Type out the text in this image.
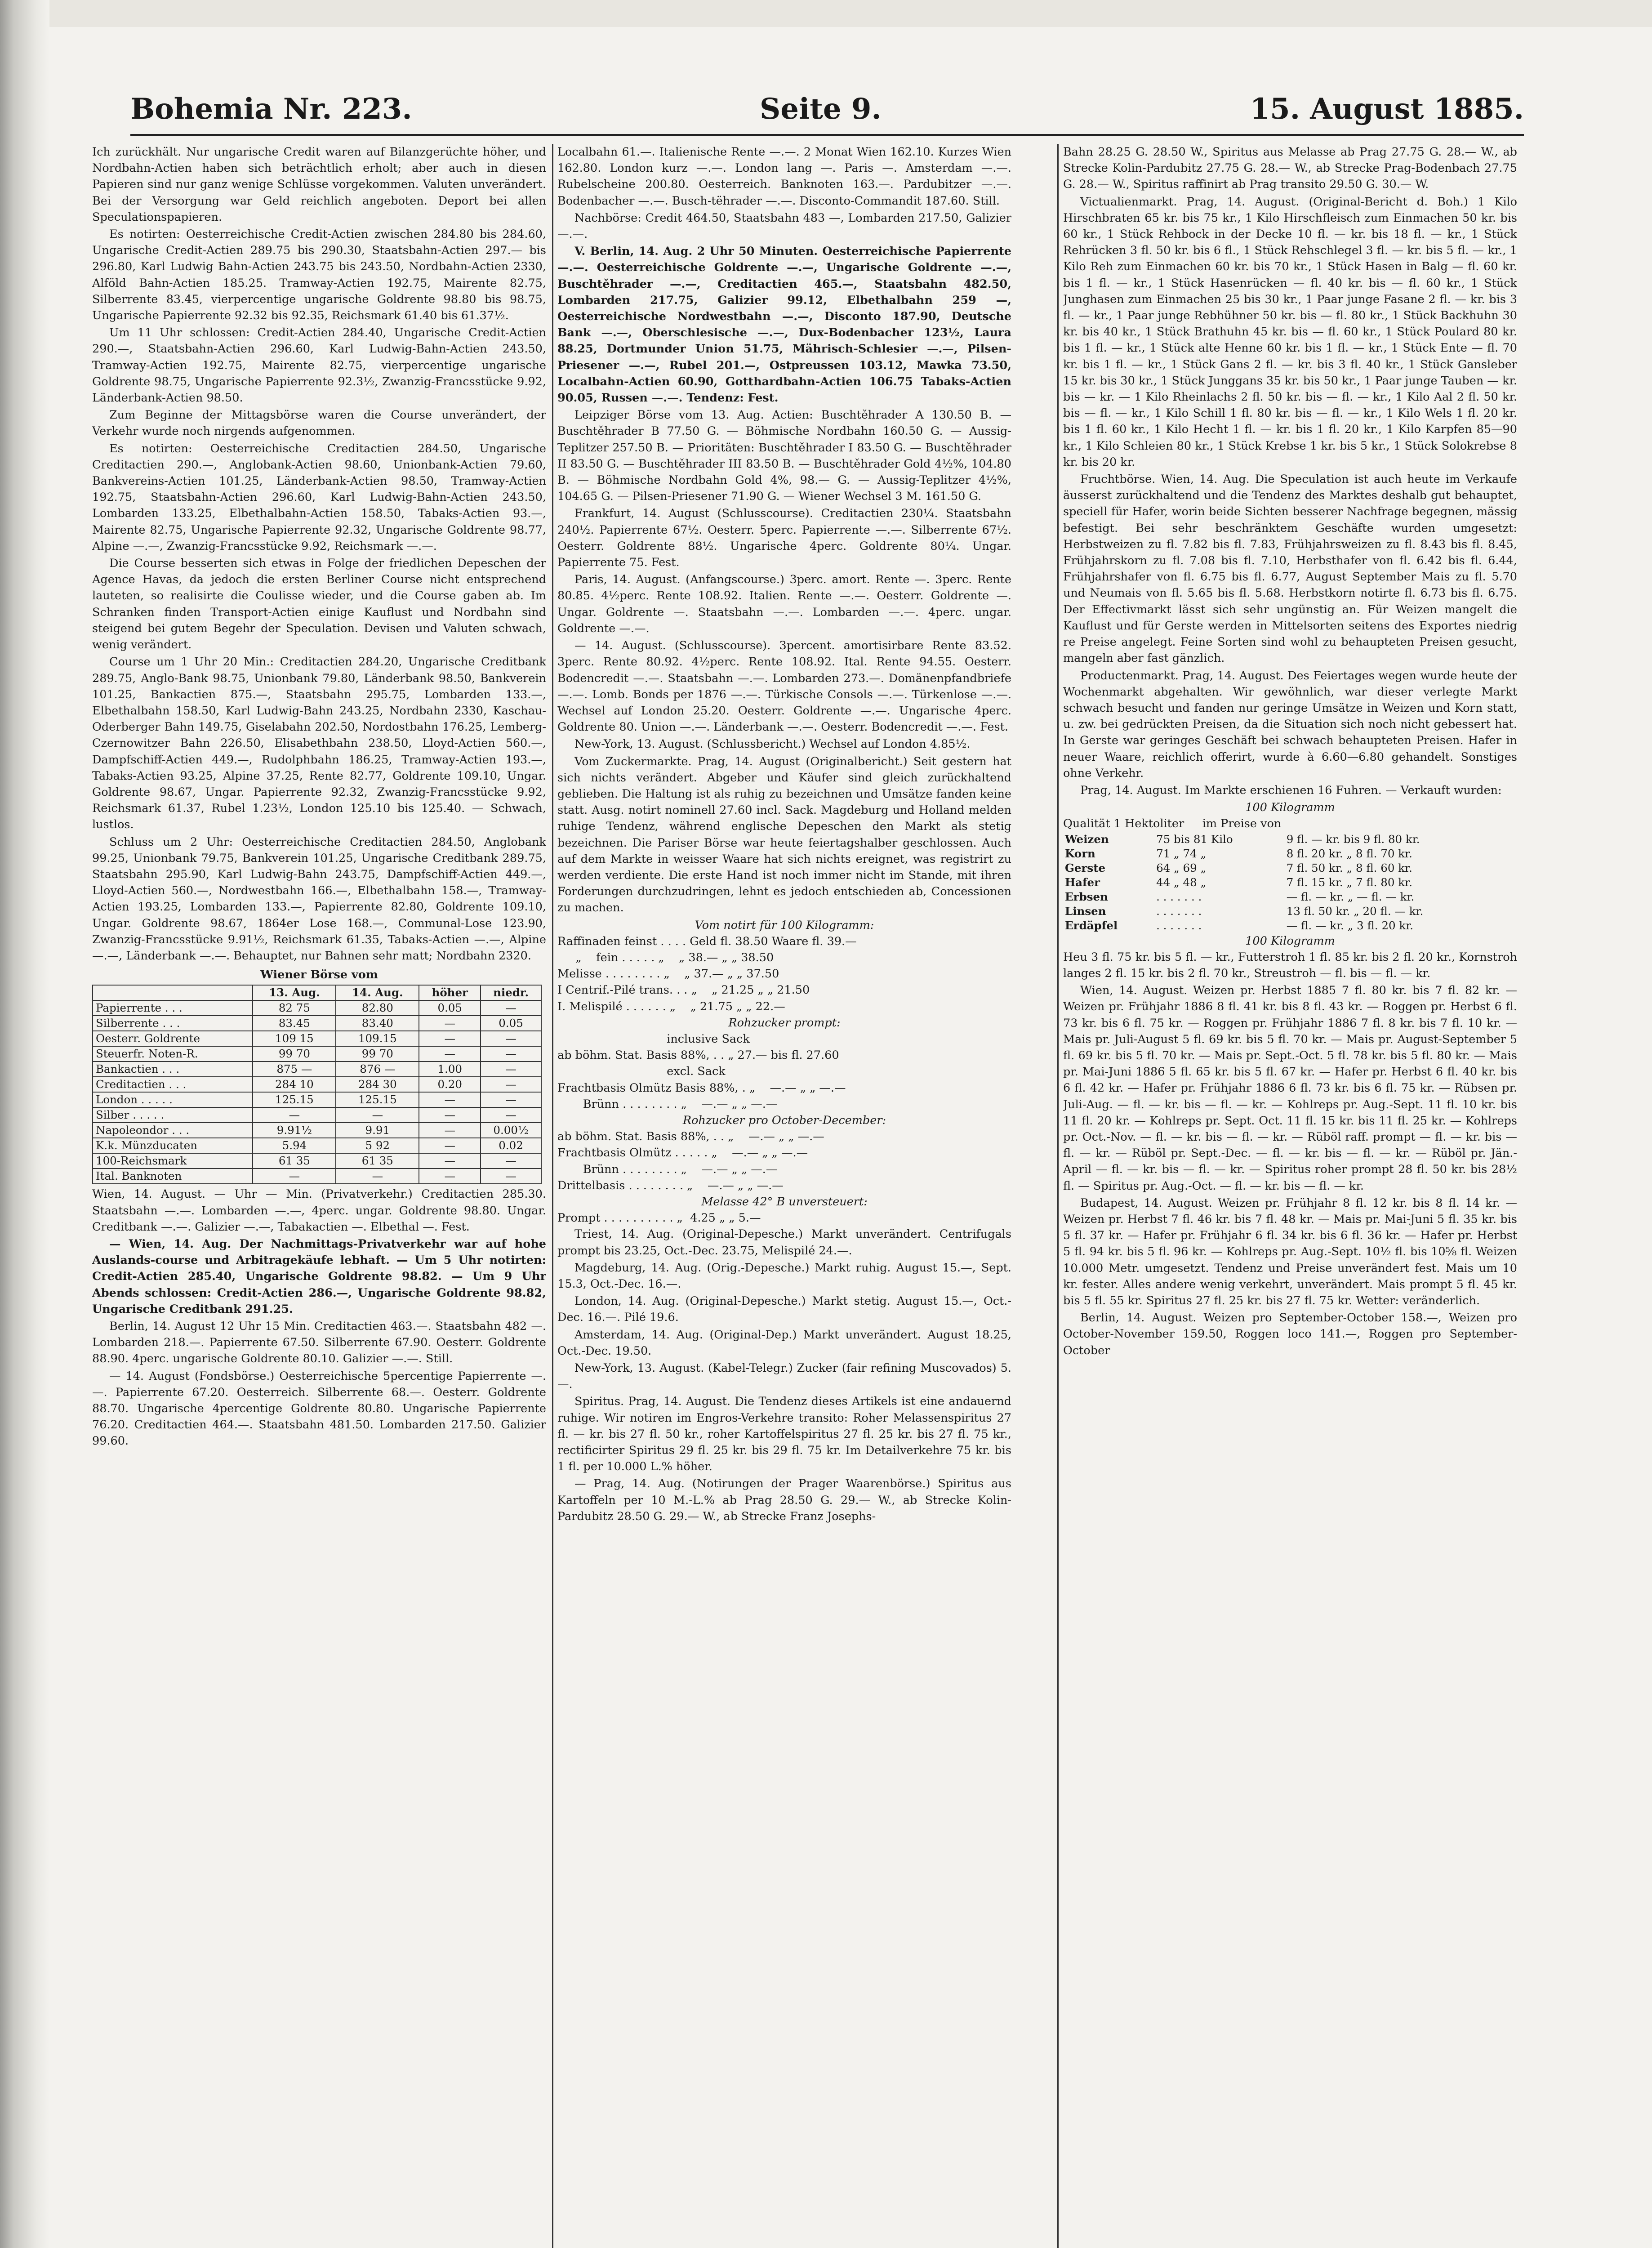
Bohemia Nr. 223.	Seite 9.	15. August 1885.

Ich zurückhält. Nur ungarische Credit waren auf Bilanzgerüchte höher, und Nordbahn-Actien haben sich beträchtlich erholt; aber auch in diesen Papieren sind nur ganz wenige Schlüsse vorgekommen. Valuten unverändert. Bei der Versorgung war Geld reichlich angeboten. Deport bei allen Speculationspapieren.

Es notirten: Oesterreichische Credit-Actien zwischen 284.80 bis 284.60, Ungarische Credit-Actien 289.75 bis 290.30, Staatsbahn-Actien 297.— bis 296.80, Karl Ludwig Bahn-Actien 243.75 bis 243.50, Nordbahn-Actien 2330, Alföld Bahn-Actien 185.25. Tramway-Actien 192.75, Mairente 82.75, Silberrente 83.45, vierpercentige ungarische Goldrente 98.80 bis 98.75, Ungarische Papierrente 92.32 bis 92.35, Reichsmark 61.40 bis 61.37½.

Um 11 Uhr schlossen: Credit-Actien 284.40, Ungarische Credit-Actien 290.—, Staatsbahn-Actien 296.60, Karl Ludwig-Bahn-Actien 243.50, Tramway-Actien 192.75, Mairente 82.75, vierpercentige ungarische Goldrente 98.75, Ungarische Papierrente 92.3½, Zwanzig-Francsstücke 9.92, Länderbank-Actien 98.50.

Zum Beginne der Mittagsbörse waren die Course unverändert, der Verkehr wurde noch nirgends aufgenommen.

Es notirten: Oesterreichische Creditactien 284.50, Ungarische Creditactien 290.—, Anglobank-Actien 98.60, Unionbank-Actien 79.60, Bankvereins-Actien 101.25, Länderbank-Actien 98.50, Tramway-Actien 192.75, Staatsbahn-Actien 296.60, Karl Ludwig-Bahn-Actien 243.50, Lombarden 133.25, Elbethalbahn-Actien 158.50, Tabaks-Actien 93.—, Mairente 82.75, Ungarische Papierrente 92.32, Ungarische Goldrente 98.77, Alpine —.—, Zwanzig-Francsstücke 9.92, Reichsmark —.—.

Die Course besserten sich etwas in Folge der friedlichen Depeschen der Agence Havas, da jedoch die ersten Berliner Course nicht entsprechend lauteten, so realisirte die Coulisse wieder, und die Course gaben ab. Im Schranken finden Transport-Actien einige Kauflust und Nordbahn sind steigend bei gutem Begehr der Speculation. Devisen und Valuten schwach, wenig verändert.

Course um 1 Uhr 20 Min.: Creditactien 284.20, Ungarische Creditbank 289.75, Anglo-Bank 98.75, Unionbank 79.80, Länderbank 98.50, Bankverein 101.25, Bankactien 875.—, Staatsbahn 295.75, Lombarden 133.—, Elbethalbahn 158.50, Karl Ludwig-Bahn 243.25, Nordbahn 2330, Kaschau-Oderberger Bahn 149.75, Giselabahn 202.50, Nordostbahn 176.25, Lemberg-Czernowitzer Bahn 226.50, Elisabethbahn 238.50, Lloyd-Actien 560.—, Dampfschiff-Actien 449.—, Rudolphbahn 186.25, Tramway-Actien 193.—, Tabaks-Actien 93.25, Alpine 37.25, Rente 82.77, Goldrente 109.10, Ungar. Goldrente 98.67, Ungar. Papierrente 92.32, Zwanzig-Francsstücke 9.92, Reichsmark 61.37, Rubel 1.23½, London 125.10 bis 125.40. — Schwach, lustlos.

Schluss um 2 Uhr: Oesterreichische Creditactien 284.50, Anglobank 99.25, Unionbank 79.75, Bankverein 101.25, Ungarische Creditbank 289.75, Staatsbahn 295.90, Karl Ludwig-Bahn 243.75, Dampfschiff-Actien 449.—, Lloyd-Actien 560.—, Nordwestbahn 166.—, Elbethalbahn 158.—, Tramway-Actien 193.25, Lombarden 133.—, Papierrente 82.80, Goldrente 109.10, Ungar. Goldrente 98.67, 1864er Lose 168.—, Communal-Lose 123.90, Zwanzig-Francsstücke 9.91½, Reichsmark 61.35, Tabaks-Actien —.—, Alpine —.—, Länderbank —.—. Behauptet, nur Bahnen sehr matt; Nordbahn 2320.

Wiener Börse vom
	13. Aug.	14. Aug.	höher	niedr.
Papierrente . . .	82 75	82.80	0.05	—
Silberrente . . .	83.45	83.40	—	0.05
Oesterr. Goldrente	109 15	109.15	—	—
Steuerfr. Noten-R.	99 70	99 70	—	—
Bankactien . . .	875 —	876 —	1.00	—
Creditactien . . .	284 10	284 30	0.20	—
London . . . . .	125.15	125.15	—	—
Silber . . . . .	—	—	—	—
Napoleondor . . .	9.91½	9.91	—	0.00½
K.k. Münzducaten	5.94	5 92	—	0.02
100-Reichsmark	61 35	61 35	—	—
Ital. Banknoten	—	—	—	—

Wien, 14. August. — Uhr — Min. (Privatverkehr.) Creditactien 285.30. Staatsbahn —.—. Lombarden —.—, 4perc. ungar. Goldrente 98.80. Ungar. Creditbank —.—. Galizier —.—, Tabakactien —. Elbethal —. Fest.

— Wien, 14. Aug. Der Nachmittags-Privatverkehr war auf hohe Auslands-course und Arbitragekäufe lebhaft. — Um 5 Uhr notirten: Credit-Actien 285.40, Ungarische Goldrente 98.82. — Um 9 Uhr Abends schlossen: Credit-Actien 286.—, Ungarische Goldrente 98.82, Ungarische Creditbank 291.25.

Berlin, 14. August 12 Uhr 15 Min. Creditactien 463.—. Staatsbahn 482 —. Lombarden 218.—. Papierrente 67.50. Silberrente 67.90. Oesterr. Goldrente 88.90. 4perc. ungarische Goldrente 80.10. Galizier —.—. Still.

— 14. August (Fondsbörse.) Oesterreichische 5percentige Papierrente —.—. Papierrente 67.20. Oesterreich. Silberrente 68.—. Oesterr. Goldrente 88.70. Ungarische 4percentige Goldrente 80.80. Ungarische Papierrente 76.20. Creditactien 464.—. Staatsbahn 481.50. Lombarden 217.50. Galizier 99.60.

Localbahn 61.—. Italienische Rente —.—. 2 Monat Wien 162.10. Kurzes Wien 162.80. London kurz —.—. London lang —. Paris —. Amsterdam —.—. Rubelscheine 200.80. Oesterreich. Banknoten 163.—. Pardubitzer —.—. Bodenbacher —.—. Busch-tëhrader —.—. Disconto-Commandit 187.60. Still.

Nachbörse: Credit 464.50, Staatsbahn 483 —, Lombarden 217.50, Galizier —.—.

V. Berlin, 14. Aug. 2 Uhr 50 Minuten. Oesterreichische Papierrente —.—. Oesterreichische Goldrente —.—, Ungarische Goldrente —.—, Buschtěhrader —.—, Creditactien 465.—, Staatsbahn 482.50, Lombarden 217.75, Galizier 99.12, Elbethalbahn 259 —, Oesterreichische Nordwestbahn —.—, Disconto 187.90, Deutsche Bank —.—, Oberschlesische —.—, Dux-Bodenbacher 123½, Laura 88.25, Dortmunder Union 51.75, Mährisch-Schlesier —.—, Pilsen-Priesener —.—, Rubel 201.—, Ostpreussen 103.12, Mawka 73.50, Localbahn-Actien 60.90, Gotthardbahn-Actien 106.75 Tabaks-Actien 90.05, Russen —.—. Tendenz: Fest.

Leipziger Börse vom 13. Aug. Actien: Buschtěhrader A 130.50 B. — Buschtěhrader B 77.50 G. — Böhmische Nordbahn 160.50 G. — Aussig-Teplitzer 257.50 B. — Prioritäten: Buschtěhrader I 83.50 G. — Buschtěhrader II 83.50 G. — Buschtěhrader III 83.50 B. — Buschtěhrader Gold 4½%, 104.80 B. — Böhmische Nordbahn Gold 4%, 98.— G. — Aussig-Teplitzer 4½%, 104.65 G. — Pilsen-Priesener 71.90 G. — Wiener Wechsel 3 M. 161.50 G.

Frankfurt, 14. August (Schlusscourse). Creditactien 230¼. Staatsbahn 240½. Papierrente 67½. Oesterr. 5perc. Papierrente —.—. Silberrente 67½. Oesterr. Goldrente 88½. Ungarische 4perc. Goldrente 80¼. Ungar. Papierrente 75. Fest.

Paris, 14. August. (Anfangscourse.) 3perc. amort. Rente —. 3perc. Rente 80.85. 4½perc. Rente 108.92. Italien. Rente —.—. Oesterr. Goldrente —. Ungar. Goldrente —. Staatsbahn —.—. Lombarden —.—. 4perc. ungar. Goldrente —.—.

— 14. August. (Schlusscourse). 3percent. amortisirbare Rente 83.52. 3perc. Rente 80.92. 4½perc. Rente 108.92. Ital. Rente 94.55. Oesterr. Bodencredit —.—. Staatsbahn —.—. Lombarden 273.—. Domänenpfandbriefe —.—. Lomb. Bonds per 1876 —.—. Türkische Consols —.—. Türkenlose —.—. Wechsel auf London 25.20. Oesterr. Goldrente —.—. Ungarische 4perc. Goldrente 80. Union —.—. Länderbank —.—. Oesterr. Bodencredit —.—. Fest.

New-York, 13. August. (Schlussbericht.) Wechsel auf London 4.85½.

Vom Zuckermarkte. Prag, 14. August (Originalbericht.) Seit gestern hat sich nichts verändert. Abgeber und Käufer sind gleich zurückhaltend geblieben. Die Haltung ist als ruhig zu bezeichnen und Umsätze fanden keine statt. Ausg. notirt nominell 27.60 incl. Sack. Magdeburg und Holland melden ruhige Tendenz, während englische Depeschen den Markt als stetig bezeichnen. Die Pariser Börse war heute feiertagshalber geschlossen. Auch auf dem Markte in weisser Waare hat sich nichts ereignet, was registrirt zu werden verdiente. Die erste Hand ist noch immer nicht im Stande, mit ihren Forderungen durchzudringen, lehnt es jedoch entschieden ab, Concessionen zu machen.

Vom notirt für 100 Kilogramm:
Raffinaden feinst . . . . Geld fl. 38.50 Waare fl. 39.—
„    fein . . . . . „    „ 38.— „ „ 38.50
Melisse . . . . . . . . „    „ 37.— „ „ 37.50
I Centrif.-Pilé trans. . . „    „ 21.25 „ „ 21.50
I. Melispilé . . . . . . „    „ 21.75 „ „ 22.—
Rohzucker prompt:
inclusive Sack
ab böhm. Stat. Basis 88%, . . „ 27.— bis fl. 27.60
excl. Sack
Frachtbasis Olmütz Basis 88%, . „    —.— „ „ —.—
Brünn . . . . . . . . „    —.— „ „ —.—
Rohzucker pro October-December:
ab böhm. Stat. Basis 88%, . . „    —.— „ „ —.—
Frachtbasis Olmütz . . . . . „    —.— „ „ —.—
Brünn . . . . . . . . „    —.— „ „ —.—
Drittelbasis . . . . . . . . „    —.— „ „ —.—
Melasse 42° B unversteuert:
Prompt . . . . . . . . . . „  4.25 „ „ 5.—

Triest, 14. Aug. (Original-Depesche.) Markt unverändert. Centrifugals prompt bis 23.25, Oct.-Dec. 23.75, Melispilé 24.—.

Magdeburg, 14. Aug. (Orig.-Depesche.) Markt ruhig. August 15.—, Sept. 15.3, Oct.-Dec. 16.—.

London, 14. Aug. (Original-Depesche.) Markt stetig. August 15.—, Oct.-Dec. 16.—. Pilé 19.6.

Amsterdam, 14. Aug. (Original-Dep.) Markt unverändert. August 18.25, Oct.-Dec. 19.50.

New-York, 13. August. (Kabel-Telegr.) Zucker (fair refining Muscovados) 5.—.

Spiritus. Prag, 14. August. Die Tendenz dieses Artikels ist eine andauernd ruhige. Wir notiren im Engros-Verkehre transito: Roher Melassenspiritus 27 fl. — kr. bis 27 fl. 50 kr., roher Kartoffelspiritus 27 fl. 25 kr. bis 27 fl. 75 kr., rectificirter Spiritus 29 fl. 25 kr. bis 29 fl. 75 kr. Im Detailverkehre 75 kr. bis 1 fl. per 10.000 L.% höher.

— Prag, 14. Aug. (Notirungen der Prager Waarenbörse.) Spiritus aus Kartoffeln per 10 M.-L.% ab Prag 28.50 G. 29.— W., ab Strecke Kolin-Pardubitz 28.50 G. 29.— W., ab Strecke Franz Josephs-

Bahn 28.25 G. 28.50 W., Spiritus aus Melasse ab Prag 27.75 G. 28.— W., ab Strecke Kolin-Pardubitz 27.75 G. 28.— W., ab Strecke Prag-Bodenbach 27.75 G. 28.— W., Spiritus raffinirt ab Prag transito 29.50 G. 30.— W.

Victualienmarkt. Prag, 14. August. (Original-Bericht d. Boh.) 1 Kilo Hirschbraten 65 kr. bis 75 kr., 1 Kilo Hirschfleisch zum Einmachen 50 kr. bis 60 kr., 1 Stück Rehbock in der Decke 10 fl. — kr. bis 18 fl. — kr., 1 Stück Rehrücken 3 fl. 50 kr. bis 6 fl., 1 Stück Rehschlegel 3 fl. — kr. bis 5 fl. — kr., 1 Kilo Reh zum Einmachen 60 kr. bis 70 kr., 1 Stück Hasen in Balg — fl. 60 kr. bis 1 fl. — kr., 1 Stück Hasenrücken — fl. 40 kr. bis — fl. 60 kr., 1 Stück Junghasen zum Einmachen 25 bis 30 kr., 1 Paar junge Fasane 2 fl. — kr. bis 3 fl. — kr., 1 Paar junge Rebhühner 50 kr. bis — fl. 80 kr., 1 Stück Backhuhn 30 kr. bis 40 kr., 1 Stück Brathuhn 45 kr. bis — fl. 60 kr., 1 Stück Poulard 80 kr. bis 1 fl. — kr., 1 Stück alte Henne 60 kr. bis 1 fl. — kr., 1 Stück Ente — fl. 70 kr. bis 1 fl. — kr., 1 Stück Gans 2 fl. — kr. bis 3 fl. 40 kr., 1 Stück Gansleber 15 kr. bis 30 kr., 1 Stück Junggans 35 kr. bis 50 kr., 1 Paar junge Tauben — kr. bis — kr. — 1 Kilo Rheinlachs 2 fl. 50 kr. bis — fl. — kr., 1 Kilo Aal 2 fl. 50 kr. bis — fl. — kr., 1 Kilo Schill 1 fl. 80 kr. bis — fl. — kr., 1 Kilo Wels 1 fl. 20 kr. bis 1 fl. 60 kr., 1 Kilo Hecht 1 fl. — kr. bis 1 fl. 20 kr., 1 Kilo Karpfen 85—90 kr., 1 Kilo Schleien 80 kr., 1 Stück Krebse 1 kr. bis 5 kr., 1 Stück Solokrebse 8 kr. bis 20 kr.

Fruchtbörse. Wien, 14. Aug. Die Speculation ist auch heute im Verkaufe äusserst zurückhaltend und die Tendenz des Marktes deshalb gut behauptet, speciell für Hafer, worin beide Sichten besserer Nachfrage begegnen, mässig befestigt. Bei sehr beschränktem Geschäfte wurden umgesetzt: Herbstweizen zu fl. 7.82 bis fl. 7.83, Frühjahrsweizen zu fl. 8.43 bis fl. 8.45, Frühjahrskorn zu fl. 7.08 bis fl. 7.10, Herbsthafer von fl. 6.42 bis fl. 6.44, Frühjahrshafer von fl. 6.75 bis fl. 6.77, August September Mais zu fl. 5.70 und Neumais von fl. 5.65 bis fl. 5.68. Herbstkorn notirte fl. 6.73 bis fl. 6.75. Der Effectivmarkt lässt sich sehr ungünstig an. Für Weizen mangelt die Kauflust und für Gerste werden in Mittelsorten seitens des Exportes niedrig re Preise angelegt. Feine Sorten sind wohl zu behaupteten Preisen gesucht, mangeln aber fast gänzlich.

Productenmarkt. Prag, 14. August. Des Feiertages wegen wurde heute der Wochenmarkt abgehalten. Wir gewöhnlich, war dieser verlegte Markt schwach besucht und fanden nur geringe Umsätze in Weizen und Korn statt, u. zw. bei gedrückten Preisen, da die Situation sich noch nicht gebessert hat. In Gerste war geringes Geschäft bei schwach behaupteten Preisen. Hafer in neuer Waare, reichlich offerirt, wurde à 6.60—6.80 gehandelt. Sonstiges ohne Verkehr.

Prag, 14. August. Im Markte erschienen 16 Fuhren. — Verkauft wurden:

100 Kilogramm
Qualität 1 Hektoliter     im Preise von
Weizen	75 bis 81 Kilo	9 fl. — kr. bis 9 fl. 80 kr.
Korn	71 „ 74 „	8 fl. 20 kr. „ 8 fl. 70 kr.
Gerste	64 „ 69 „	7 fl. 50 kr. „ 8 fl. 60 kr.
Hafer	44 „ 48 „	7 fl. 15 kr. „ 7 fl. 80 kr.
Erbsen	. . . . . . .	— fl. — kr. „ — fl. — kr.
Linsen	. . . . . . .	13 fl. 50 kr. „ 20 fl. — kr.
Erdäpfel	. . . . . . .	— fl. — kr. „ 3 fl. 20 kr.
100 Kilogramm

Heu 3 fl. 75 kr. bis 5 fl. — kr., Futterstroh 1 fl. 85 kr. bis 2 fl. 20 kr., Kornstroh langes 2 fl. 15 kr. bis 2 fl. 70 kr., Streustroh — fl. bis — fl. — kr.

Wien, 14. August. Weizen pr. Herbst 1885 7 fl. 80 kr. bis 7 fl. 82 kr. — Weizen pr. Frühjahr 1886 8 fl. 41 kr. bis 8 fl. 43 kr. — Roggen pr. Herbst 6 fl. 73 kr. bis 6 fl. 75 kr. — Roggen pr. Frühjahr 1886 7 fl. 8 kr. bis 7 fl. 10 kr. — Mais pr. Juli-August 5 fl. 69 kr. bis 5 fl. 70 kr. — Mais pr. August-September 5 fl. 69 kr. bis 5 fl. 70 kr. — Mais pr. Sept.-Oct. 5 fl. 78 kr. bis 5 fl. 80 kr. — Mais pr. Mai-Juni 1886 5 fl. 65 kr. bis 5 fl. 67 kr. — Hafer pr. Herbst 6 fl. 40 kr. bis 6 fl. 42 kr. — Hafer pr. Frühjahr 1886 6 fl. 73 kr. bis 6 fl. 75 kr. — Rübsen pr. Juli-Aug. — fl. — kr. bis — fl. — kr. — Kohlreps pr. Aug.-Sept. 11 fl. 10 kr. bis 11 fl. 20 kr. — Kohlreps pr. Sept. Oct. 11 fl. 15 kr. bis 11 fl. 25 kr. — Kohlreps pr. Oct.-Nov. — fl. — kr. bis — fl. — kr. — Rüböl raff. prompt — fl. — kr. bis — fl. — kr. — Rüböl pr. Sept.-Dec. — fl. — kr. bis — fl. — kr. — Rüböl pr. Jän.-April — fl. — kr. bis — fl. — kr. — Spiritus roher prompt 28 fl. 50 kr. bis 28½ fl. — Spiritus pr. Aug.-Oct. — fl. — kr. bis — fl. — kr.

Budapest, 14. August. Weizen pr. Frühjahr 8 fl. 12 kr. bis 8 fl. 14 kr. — Weizen pr. Herbst 7 fl. 46 kr. bis 7 fl. 48 kr. — Mais pr. Mai-Juni 5 fl. 35 kr. bis 5 fl. 37 kr. — Hafer pr. Frühjahr 6 fl. 34 kr. bis 6 fl. 36 kr. — Hafer pr. Herbst 5 fl. 94 kr. bis 5 fl. 96 kr. — Kohlreps pr. Aug.-Sept. 10½ fl. bis 10⅝ fl. Weizen 10.000 Metr. umgesetzt. Tendenz und Preise unverändert fest. Mais um 10 kr. fester. Alles andere wenig verkehrt, unverändert. Mais prompt 5 fl. 45 kr. bis 5 fl. 55 kr. Spiritus 27 fl. 25 kr. bis 27 fl. 75 kr. Wetter: veränderlich.

Berlin, 14. August. Weizen pro September-October 158.—, Weizen pro October-November 159.50, Roggen loco 141.—, Roggen pro September-October
